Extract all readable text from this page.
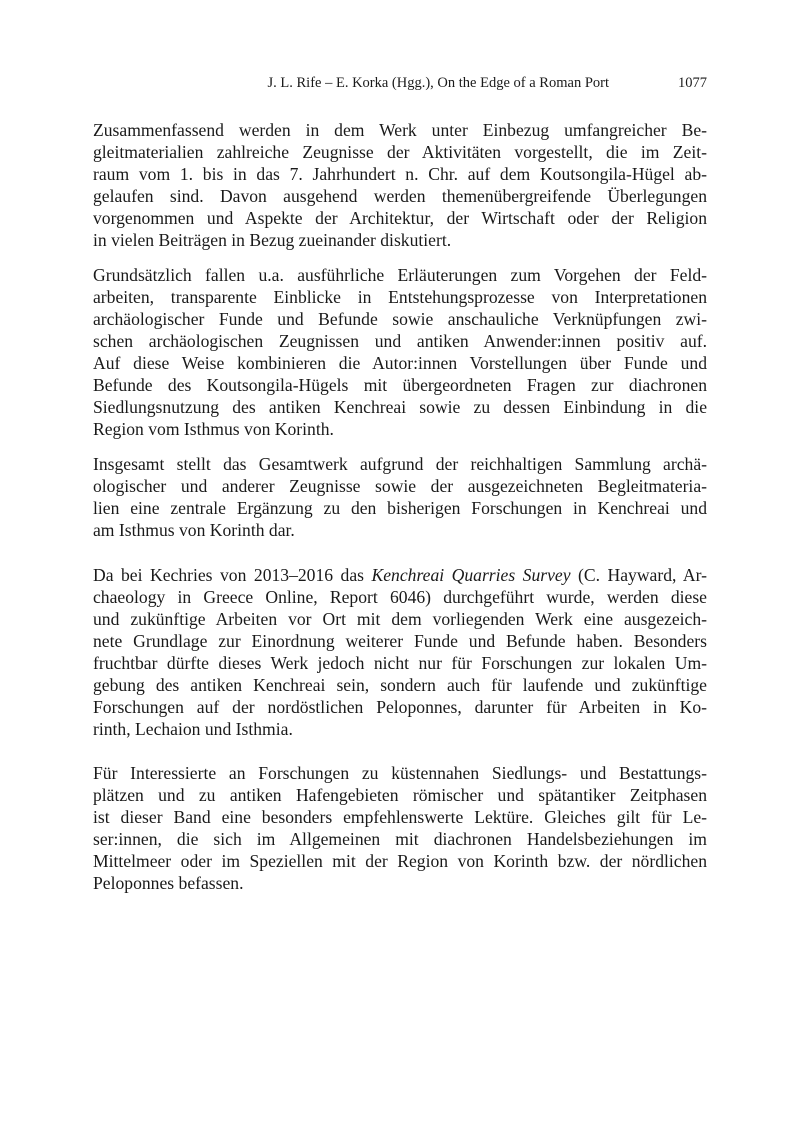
J. L. Rife – E. Korka (Hgg.), On the Edge of a Roman Port	1077
Zusammenfassend werden in dem Werk unter Einbezug umfangreicher Be-
gleitmaterialien zahlreiche Zeugnisse der Aktivitäten vorgestellt, die im Zeit-
raum vom 1. bis in das 7. Jahrhundert n. Chr. auf dem Koutsongila-Hügel ab-
gelaufen sind. Davon ausgehend werden themenübergreifende Überlegungen
vorgenommen und Aspekte der Architektur, der Wirtschaft oder der Religion
in vielen Beiträgen in Bezug zueinander diskutiert.
Grundsätzlich fallen u.a. ausführliche Erläuterungen zum Vorgehen der Feld-
arbeiten, transparente Einblicke in Entstehungsprozesse von Interpretationen
archäologischer Funde und Befunde sowie anschauliche Verknüpfungen zwi-
schen archäologischen Zeugnissen und antiken Anwender:innen positiv auf.
Auf diese Weise kombinieren die Autor:innen Vorstellungen über Funde und
Befunde des Koutsongila-Hügels mit übergeordneten Fragen zur diachronen
Siedlungsnutzung des antiken Kenchreai sowie zu dessen Einbindung in die
Region vom Isthmus von Korinth.
Insgesamt stellt das Gesamtwerk aufgrund der reichhaltigen Sammlung archä-
ologischer und anderer Zeugnisse sowie der ausgezeichneten Begleitmateria-
lien eine zentrale Ergänzung zu den bisherigen Forschungen in Kenchreai und
am Isthmus von Korinth dar.
Da bei Kechries von 2013–2016 das Kenchreai Quarries Survey (C. Hayward, Ar-
chaeology in Greece Online, Report 6046) durchgeführt wurde, werden diese
und zukünftige Arbeiten vor Ort mit dem vorliegenden Werk eine ausgezeich-
nete Grundlage zur Einordnung weiterer Funde und Befunde haben. Besonders
fruchtbar dürfte dieses Werk jedoch nicht nur für Forschungen zur lokalen Um-
gebung des antiken Kenchreai sein, sondern auch für laufende und zukünftige
Forschungen auf der nordöstlichen Peloponnes, darunter für Arbeiten in Ko-
rinth, Lechaion und Isthmia.
Für Interessierte an Forschungen zu küstennahen Siedlungs- und Bestattungs-
plätzen und zu antiken Hafengebieten römischer und spätantiker Zeitphasen
ist dieser Band eine besonders empfehlenswerte Lektüre. Gleiches gilt für Le-
ser:innen, die sich im Allgemeinen mit diachronen Handelsbeziehungen im
Mittelmeer oder im Speziellen mit der Region von Korinth bzw. der nördlichen
Peloponnes befassen.
